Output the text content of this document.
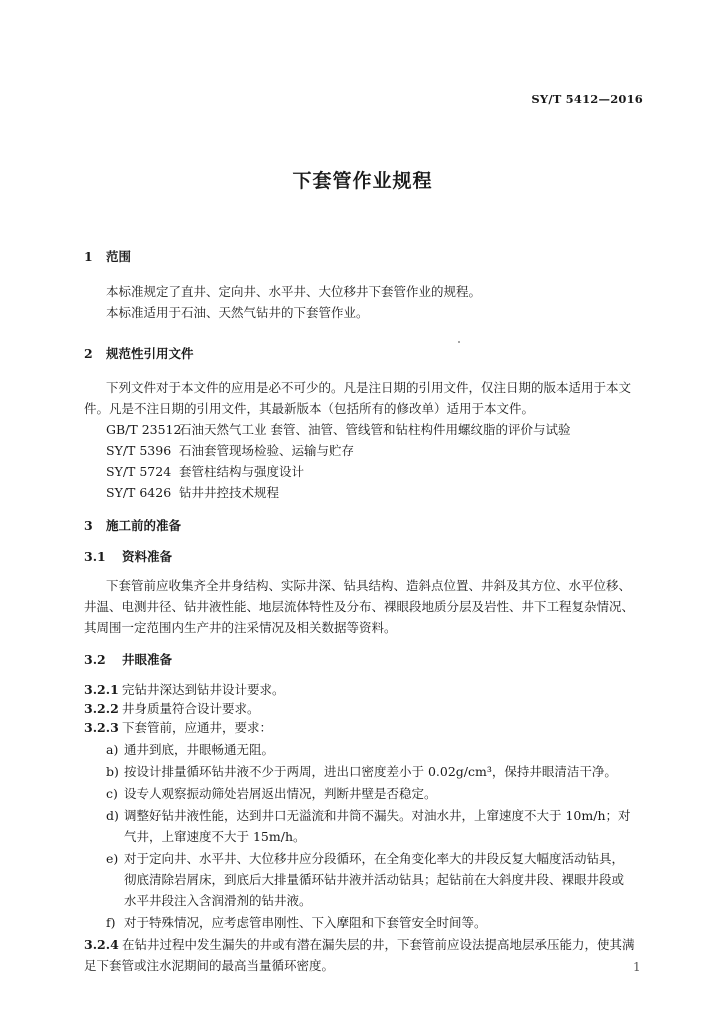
SY/T 5412—2016
下套管作业规程
1 范围
本标准规定了直井、定向井、水平井、大位移井下套管作业的规程。
本标准适用于石油、天然气钻井的下套管作业。
2 规范性引用文件
下列文件对于本文件的应用是必不可少的。凡是注日期的引用文件，仅注日期的版本适用于本文
件。凡是不注日期的引用文件，其最新版本（包括所有的修改单）适用于本文件。
GB/T 23512石油天然气工业 套管、油管、管线管和钻柱构件用螺纹脂的评价与试验
SY/T 5396 石油套管现场检验、运输与贮存
SY/T 5724 套管柱结构与强度设计
SY/T 6426 钻井井控技术规程
3 施工前的准备
3.1 资料准备
下套管前应收集齐全井身结构、实际井深、钻具结构、造斜点位置、井斜及其方位、水平位移、
井温、电测井径、钻井液性能、地层流体特性及分布、裸眼段地质分层及岩性、井下工程复杂情况、
其周围一定范围内生产井的注采情况及相关数据等资料。
3.2 井眼准备
3.2.1 完钻井深达到钻井设计要求。
3.2.2 井身质量符合设计要求。
3.2.3 下套管前，应通井，要求：
a) 通井到底，井眼畅通无阻。
b) 按设计排量循环钻井液不少于两周，进出口密度差小于 0.02g/cm³，保持井眼清洁干净。
c) 设专人观察振动筛处岩屑返出情况，判断井壁是否稳定。
d) 调整好钻井液性能，达到井口无溢流和井筒不漏失。对油水井，上窜速度不大于 10m/h；对
气井，上窜速度不大于 15m/h。
e) 对于定向井、水平井、大位移井应分段循环，在全角变化率大的井段反复大幅度活动钻具，
彻底清除岩屑床，到底后大排量循环钻井液并活动钻具；起钻前在大斜度井段、裸眼井段或
水平井段注入含润滑剂的钻井液。
f) 对于特殊情况，应考虑管串刚性、下入摩阻和下套管安全时间等。
3.2.4 在钻井过程中发生漏失的井或有潜在漏失层的井，下套管前应设法提高地层承压能力，使其满
足下套管或注水泥期间的最高当量循环密度。	1
